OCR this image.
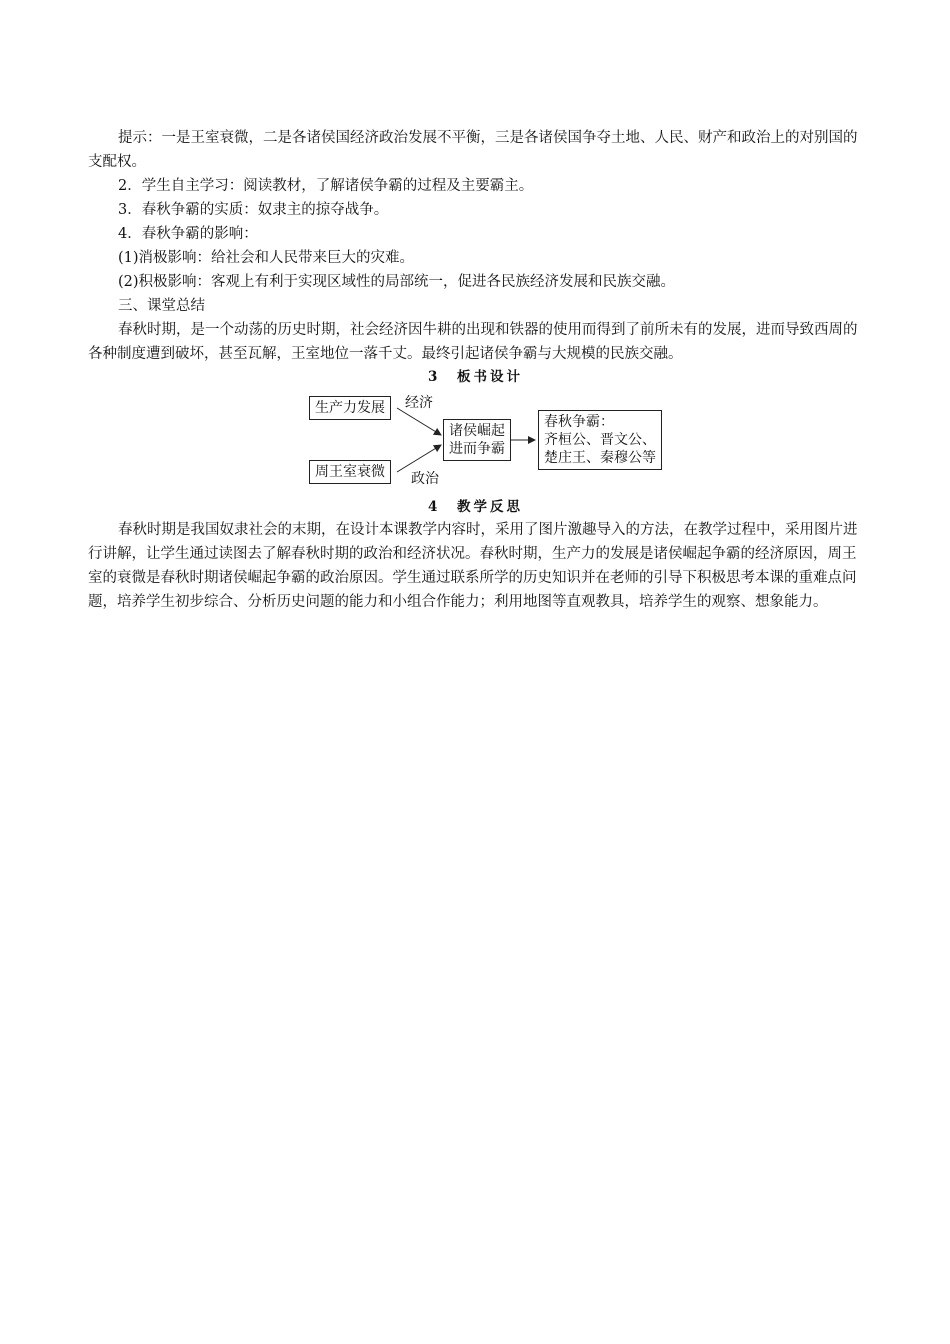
提示：一是王室衰微，二是各诸侯国经济政治发展不平衡，三是各诸侯国争夺土地、人民、财产和政治上的对别国的支配权。

2．学生自主学习：阅读教材，了解诸侯争霸的过程及主要霸主。

3．春秋争霸的实质：奴隶主的掠夺战争。

4．春秋争霸的影响：

(1)消极影响：给社会和人民带来巨大的灾难。

(2)积极影响：客观上有利于实现区域性的局部统一，促进各民族经济发展和民族交融。

三、课堂总结

春秋时期，是一个动荡的历史时期，社会经济因牛耕的出现和铁器的使用而得到了前所未有的发展，进而导致西周的各种制度遭到破坏，甚至瓦解，王室地位一落千丈。最终引起诸侯争霸与大规模的民族交融。

3　板书设计

生产力发展
周王室衰微
经济
政治
诸侯崛起
进而争霸
春秋争霸：
齐桓公、晋文公、
楚庄王、秦穆公等

4　教学反思

春秋时期是我国奴隶社会的末期，在设计本课教学内容时，采用了图片激趣导入的方法，在教学过程中，采用图片进行讲解，让学生通过读图去了解春秋时期的政治和经济状况。春秋时期，生产力的发展是诸侯崛起争霸的经济原因，周王室的衰微是春秋时期诸侯崛起争霸的政治原因。学生通过联系所学的历史知识并在老师的引导下积极思考本课的重难点问题，培养学生初步综合、分析历史问题的能力和小组合作能力；利用地图等直观教具，培养学生的观察、想象能力。
